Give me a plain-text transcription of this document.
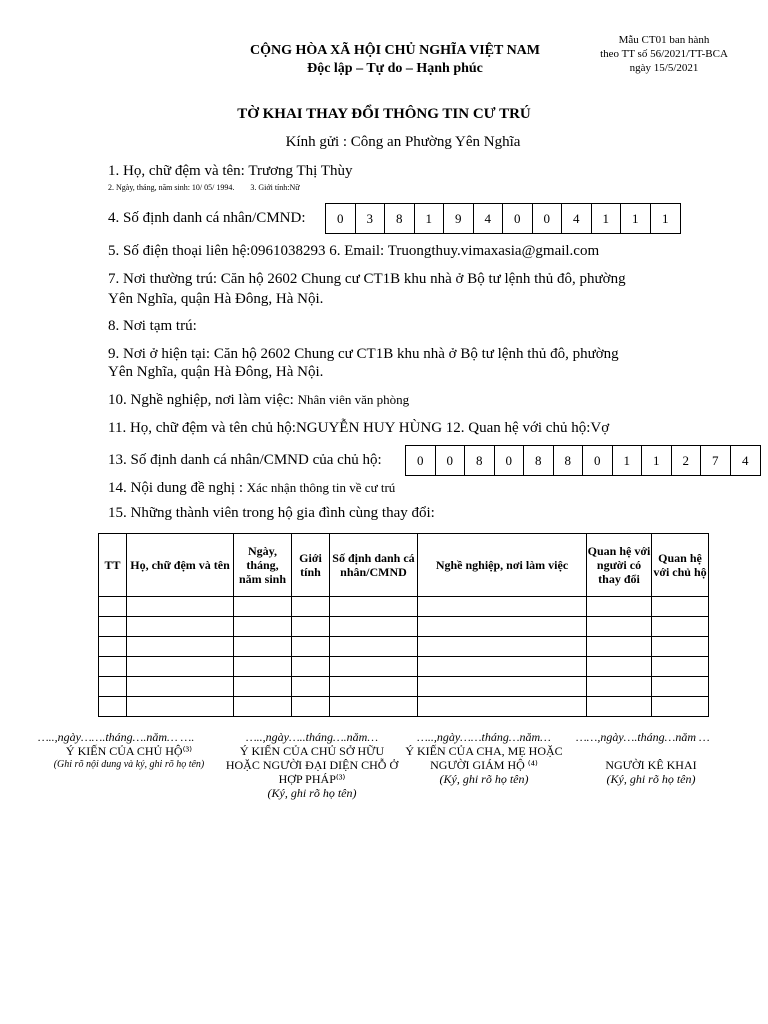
CỘNG HÒA XÃ HỘI CHỦ NGHĨA VIỆT NAM
Độc lập – Tự do – Hạnh phúc
Mẫu CT01 ban hành
theo TT số 56/2021/TT-BCA
ngày 15/5/2021
TỜ KHAI THAY ĐỔI THÔNG TIN CƯ TRÚ
Kính gửi : Công an Phường Yên Nghĩa
1. Họ, chữ đệm và tên: Trương Thị Thùy
2. Ngày, tháng, năm sinh: 10/ 05/ 1994.        3. Giới tính:Nữ
4. Số định danh cá nhân/CMND:	0	3	8	1	9	4	0	0	4	1	1	1
5. Số điện thoại liên hệ:0961038293 6. Email: Truongthuy.vimaxasia@gmail.com
7. Nơi thường trú: Căn hộ 2602 Chung cư CT1B khu nhà ở Bộ tư lệnh thủ đô, phường
Yên Nghĩa, quận Hà Đông, Hà Nội.
8. Nơi tạm trú:
9. Nơi ở hiện tại: Căn hộ 2602 Chung cư CT1B khu nhà ở Bộ tư lệnh thủ đô, phường
Yên Nghĩa, quận Hà Đông, Hà Nội.
10. Nghề nghiệp, nơi làm việc: Nhân viên văn phòng
11. Họ, chữ đệm và tên chủ hộ:NGUYỄN HUY HÙNG 12. Quan hệ với chủ hộ:Vợ
13. Số định danh cá nhân/CMND của chủ hộ:	0	0	8	0	8	8	0	1	1	2	7	4
14. Nội dung đề nghị : Xác nhận thông tin về cư trú
15. Những thành viên trong hộ gia đình cùng thay đổi:
TT	Họ, chữ đệm và tên	Ngày, tháng, năm sinh	Giới tính	Số định danh cá nhân/CMND	Nghề nghiệp, nơi làm việc	Quan hệ với người có thay đổi	Quan hệ với chủ hộ

…..,ngày…….tháng….năm… ….
Ý KIẾN CỦA CHỦ HỘ⁽³⁾
(Ghi rõ nội dung và ký, ghi rõ họ tên)
…..,ngày…..tháng….năm…
Ý KIẾN CỦA CHỦ SỞ HỮU HOẶC NGƯỜI ĐẠI DIỆN CHỖ Ở HỢP PHÁP⁽³⁾
(Ký, ghi rõ họ tên)
…..,ngày……tháng…năm…
Ý KIẾN CỦA CHA, MẸ HOẶC NGƯỜI GIÁM HỘ ⁽⁴⁾
(Ký, ghi rõ họ tên)
……,ngày….tháng…năm …
NGƯỜI KÊ KHAI
(Ký, ghi rõ họ tên)
